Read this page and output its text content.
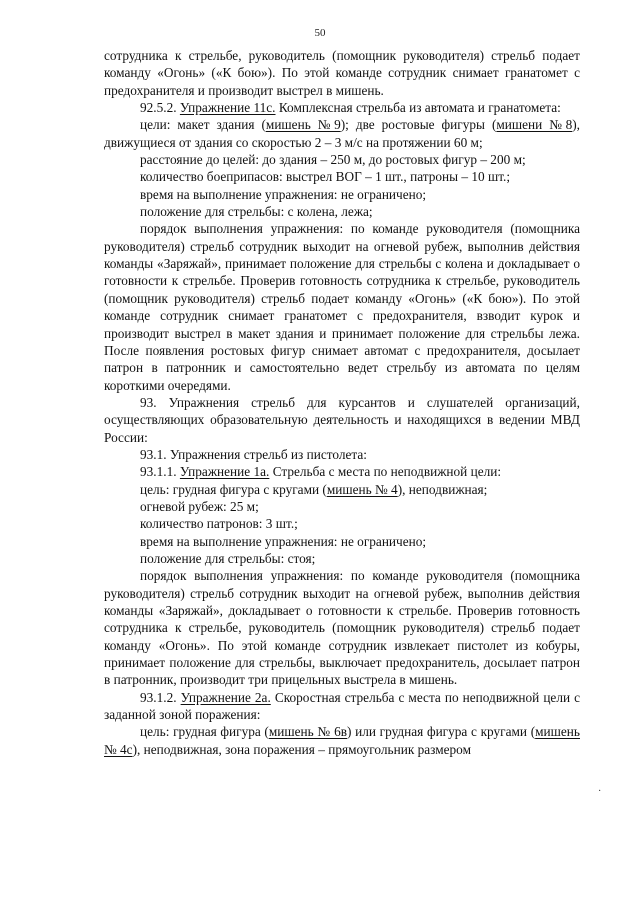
50

сотрудника к стрельбе, руководитель (помощник руководителя) стрельб подает команду «Огонь» («К бою»). По этой команде сотрудник снимает гранатомет с предохранителя и производит выстрел в мишень.

92.5.2. Упражнение 11с. Комплексная стрельба из автомата и гранатомета:

цели: макет здания (мишень №9); две ростовые фигуры (мишени №8), движущиеся от здания со скоростью 2 – 3 м/с на протяжении 60 м;

расстояние до целей: до здания – 250 м, до ростовых фигур – 200 м;

количество боеприпасов: выстрел ВОГ – 1 шт., патроны – 10 шт.;

время на выполнение упражнения: не ограничено;

положение для стрельбы: с колена, лежа;

порядок выполнения упражнения: по команде руководителя (помощника руководителя) стрельб сотрудник выходит на огневой рубеж, выполнив действия команды «Заряжай», принимает положение для стрельбы с колена и докладывает о готовности к стрельбе. Проверив готовность сотрудника к стрельбе, руководитель (помощник руководителя) стрельб подает команду «Огонь» («К бою»). По этой команде сотрудник снимает гранатомет с предохранителя, взводит курок и производит выстрел в макет здания и принимает положение для стрельбы лежа. После появления ростовых фигур снимает автомат с предохранителя, досылает патрон в патронник и самостоятельно ведет стрельбу из автомата по целям короткими очередями.

93. Упражнения стрельб для курсантов и слушателей организаций, осуществляющих образовательную деятельность и находящихся в ведении МВД России:

93.1. Упражнения стрельб из пистолета:

93.1.1. Упражнение 1а. Стрельба с места по неподвижной цели:

цель: грудная фигура с кругами (мишень № 4), неподвижная;

огневой рубеж: 25 м;

количество патронов: 3 шт.;

время на выполнение упражнения: не ограничено;

положение для стрельбы: стоя;

порядок выполнения упражнения: по команде руководителя (помощника руководителя) стрельб сотрудник выходит на огневой рубеж, выполнив действия команды «Заряжай», докладывает о готовности к стрельбе. Проверив готовность сотрудника к стрельбе, руководитель (помощник руководителя) стрельб подает команду «Огонь». По этой команде сотрудник извлекает пистолет из кобуры, принимает положение для стрельбы, выключает предохранитель, досылает патрон в патронник, производит три прицельных выстрела в мишень.

93.1.2. Упражнение 2а. Скоростная стрельба с места по неподвижной цели с заданной зоной поражения:

цель: грудная фигура (мишень № 6в) или грудная фигура с кругами (мишень № 4с), неподвижная, зона поражения – прямоугольник размером

·
